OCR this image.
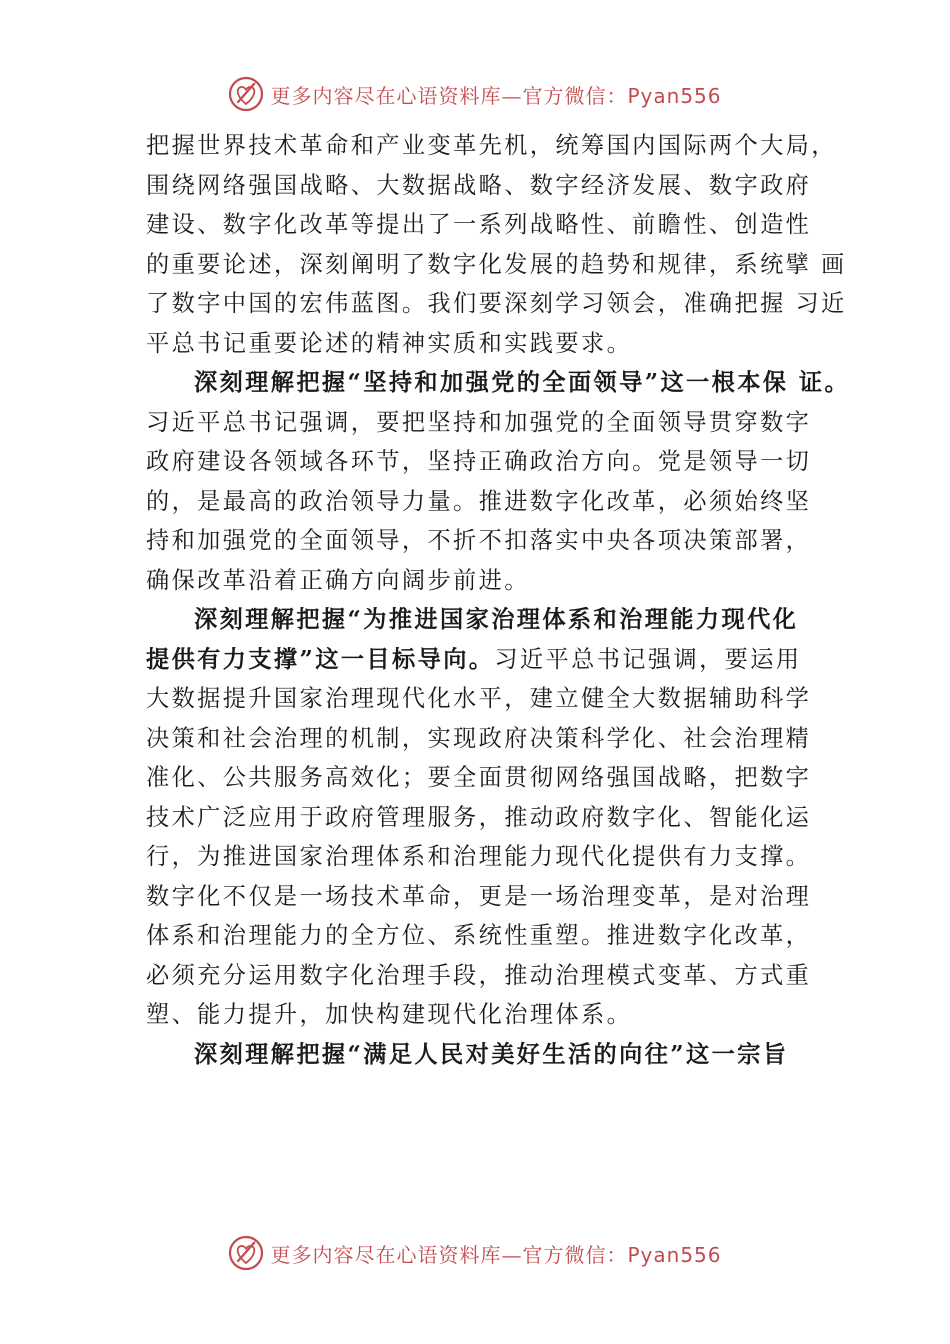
更多内容尽在心语资料库—官方微信：Pyan556
把握世界技术革命和产业变革先机，统筹国内国际两个大局，
围绕网络强国战略、大数据战略、数字经济发展、数字政府
建设、数字化改革等提出了一系列战略性、前瞻性、创造性
的重要论述，深刻阐明了数字化发展的趋势和规律，系统擘 画
了数字中国的宏伟蓝图。我们要深刻学习领会，准确把握 习近
平总书记重要论述的精神实质和实践要求。
深刻理解把握“坚持和加强党的全面领导”这一根本保 证。
习近平总书记强调，要把坚持和加强党的全面领导贯穿数字
政府建设各领域各环节，坚持正确政治方向。党是领导一切
的，是最高的政治领导力量。推进数字化改革，必须始终坚
持和加强党的全面领导，不折不扣落实中央各项决策部署，
确保改革沿着正确方向阔步前进。
深刻理解把握“为推进国家治理体系和治理能力现代化
提供有力支撑”这一目标导向。习近平总书记强调，要运用
大数据提升国家治理现代化水平，建立健全大数据辅助科学
决策和社会治理的机制，实现政府决策科学化、社会治理精
准化、公共服务高效化；要全面贯彻网络强国战略，把数字
技术广泛应用于政府管理服务，推动政府数字化、智能化运
行，为推进国家治理体系和治理能力现代化提供有力支撑。
数字化不仅是一场技术革命，更是一场治理变革，是对治理
体系和治理能力的全方位、系统性重塑。推进数字化改革，
必须充分运用数字化治理手段，推动治理模式变革、方式重
塑、能力提升，加快构建现代化治理体系。
深刻理解把握“满足人民对美好生活的向往”这一宗旨
更多内容尽在心语资料库—官方微信：Pyan556
